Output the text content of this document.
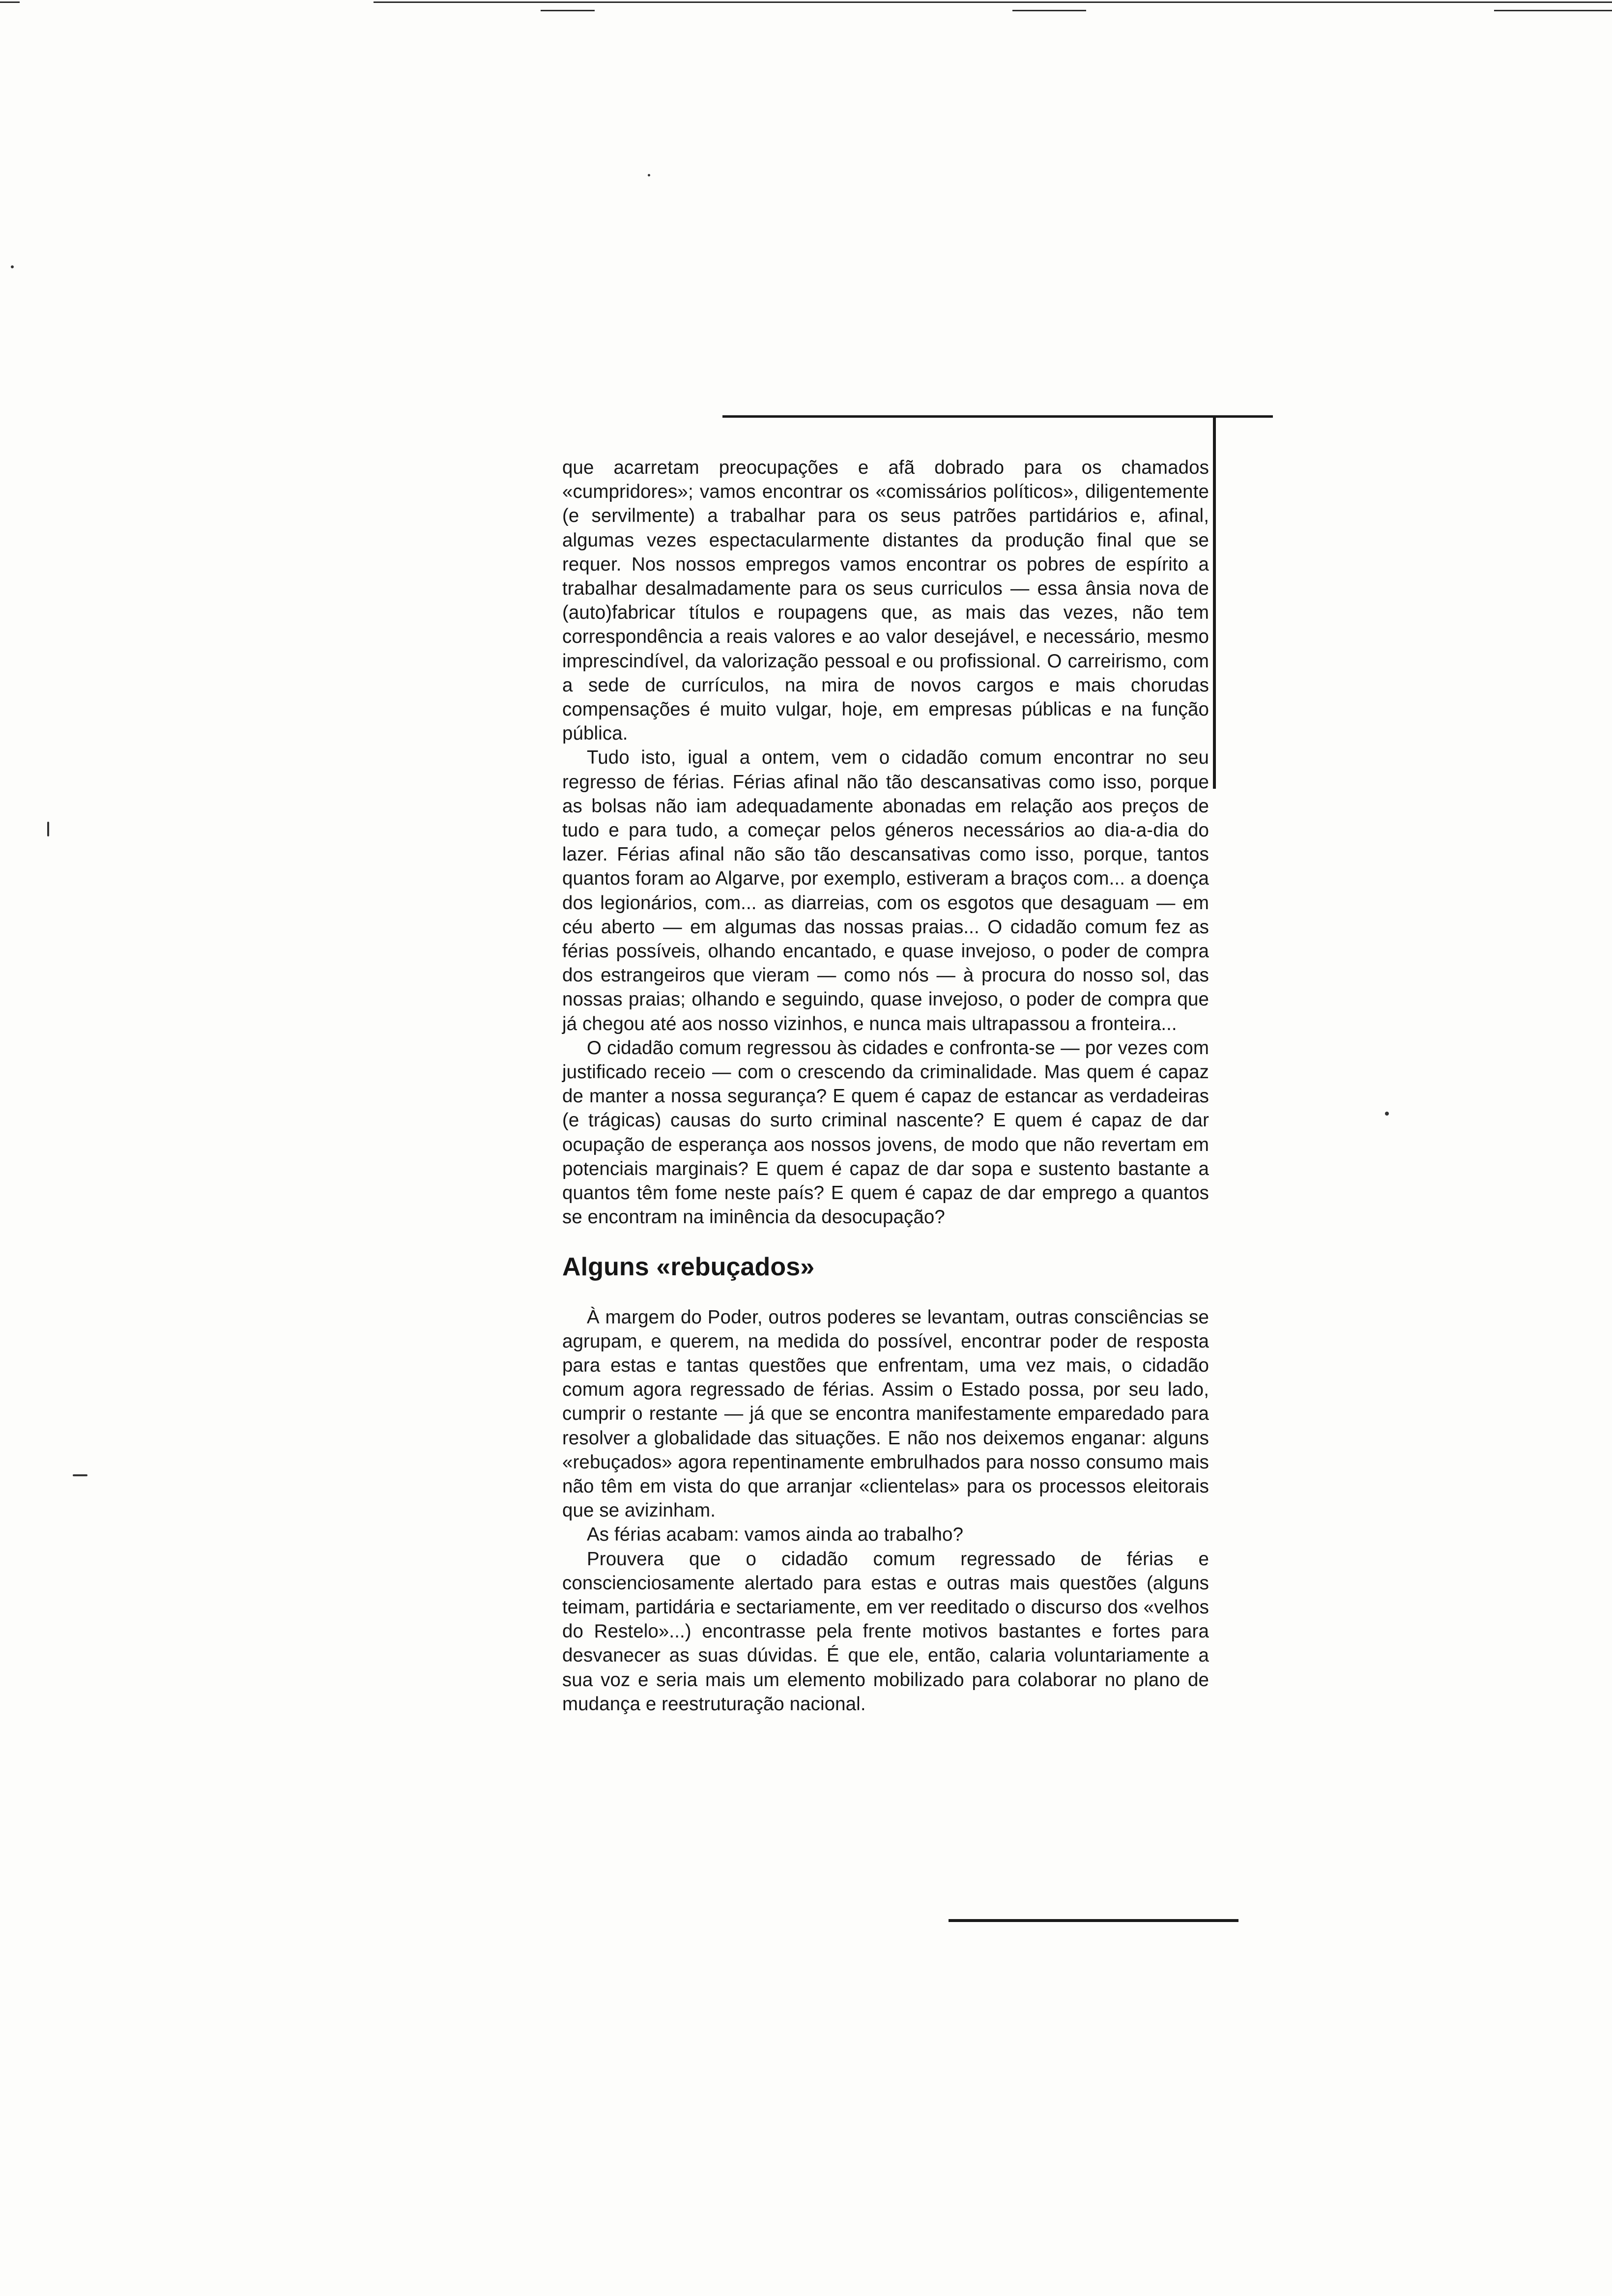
que acarretam preocupações e afã dobrado para os chamados «cumpridores»; vamos encontrar os «comissários políticos», diligentemente (e servilmente) a trabalhar para os seus patrões partidários e, afinal, algumas vezes espectacularmente distantes da produção final que se requer. Nos nossos empregos vamos encontrar os pobres de espírito a trabalhar desalmadamente para os seus curriculos — essa ânsia nova de (auto)fabricar títulos e roupagens que, as mais das vezes, não tem correspondência a reais valores e ao valor desejável, e necessário, mesmo imprescindível, da valorização pessoal e ou profissional. O carreirismo, com a sede de currículos, na mira de novos cargos e mais chorudas compensações é muito vulgar, hoje, em empresas públicas e na função pública.

Tudo isto, igual a ontem, vem o cidadão comum encontrar no seu regresso de férias. Férias afinal não tão descansativas como isso, porque as bolsas não iam adequadamente abonadas em relação aos preços de tudo e para tudo, a começar pelos géneros necessários ao dia-a-dia do lazer. Férias afinal não são tão descansativas como isso, porque, tantos quantos foram ao Algarve, por exemplo, estiveram a braços com... a doença dos legionários, com... as diarreias, com os esgotos que desaguam — em céu aberto — em algumas das nossas praias... O cidadão comum fez as férias possíveis, olhando encantado, e quase invejoso, o poder de compra dos estrangeiros que vieram — como nós — à procura do nosso sol, das nossas praias; olhando e seguindo, quase invejoso, o poder de compra que já chegou até aos nosso vizinhos, e nunca mais ultrapassou a fronteira...

O cidadão comum regressou às cidades e confronta-se — por vezes com justificado receio — com o crescendo da criminalidade. Mas quem é capaz de manter a nossa segurança? E quem é capaz de estancar as verdadeiras (e trágicas) causas do surto criminal nascente? E quem é capaz de dar ocupação de esperança aos nossos jovens, de modo que não revertam em potenciais marginais? E quem é capaz de dar sopa e sustento bastante a quantos têm fome neste país? E quem é capaz de dar emprego a quantos se encontram na iminência da desocupação?

Alguns «rebuçados»

À margem do Poder, outros poderes se levantam, outras consciências se agrupam, e querem, na medida do possível, encontrar poder de resposta para estas e tantas questões que enfrentam, uma vez mais, o cidadão comum agora regressado de férias. Assim o Estado possa, por seu lado, cumprir o restante — já que se encontra manifestamente emparedado para resolver a globalidade das situações. E não nos deixemos enganar: alguns «rebuçados» agora repentinamente embrulhados para nosso consumo mais não têm em vista do que arranjar «clientelas» para os processos eleitorais que se avizinham.

As férias acabam: vamos ainda ao trabalho?

Prouvera que o cidadão comum regressado de férias e conscienciosamente alertado para estas e outras mais questões (alguns teimam, partidária e sectariamente, em ver reeditado o discurso dos «velhos do Restelo»...) encontrasse pela frente motivos bastantes e fortes para desvanecer as suas dúvidas. É que ele, então, calaria voluntariamente a sua voz e seria mais um elemento mobilizado para colaborar no plano de mudança e reestruturação nacional.
